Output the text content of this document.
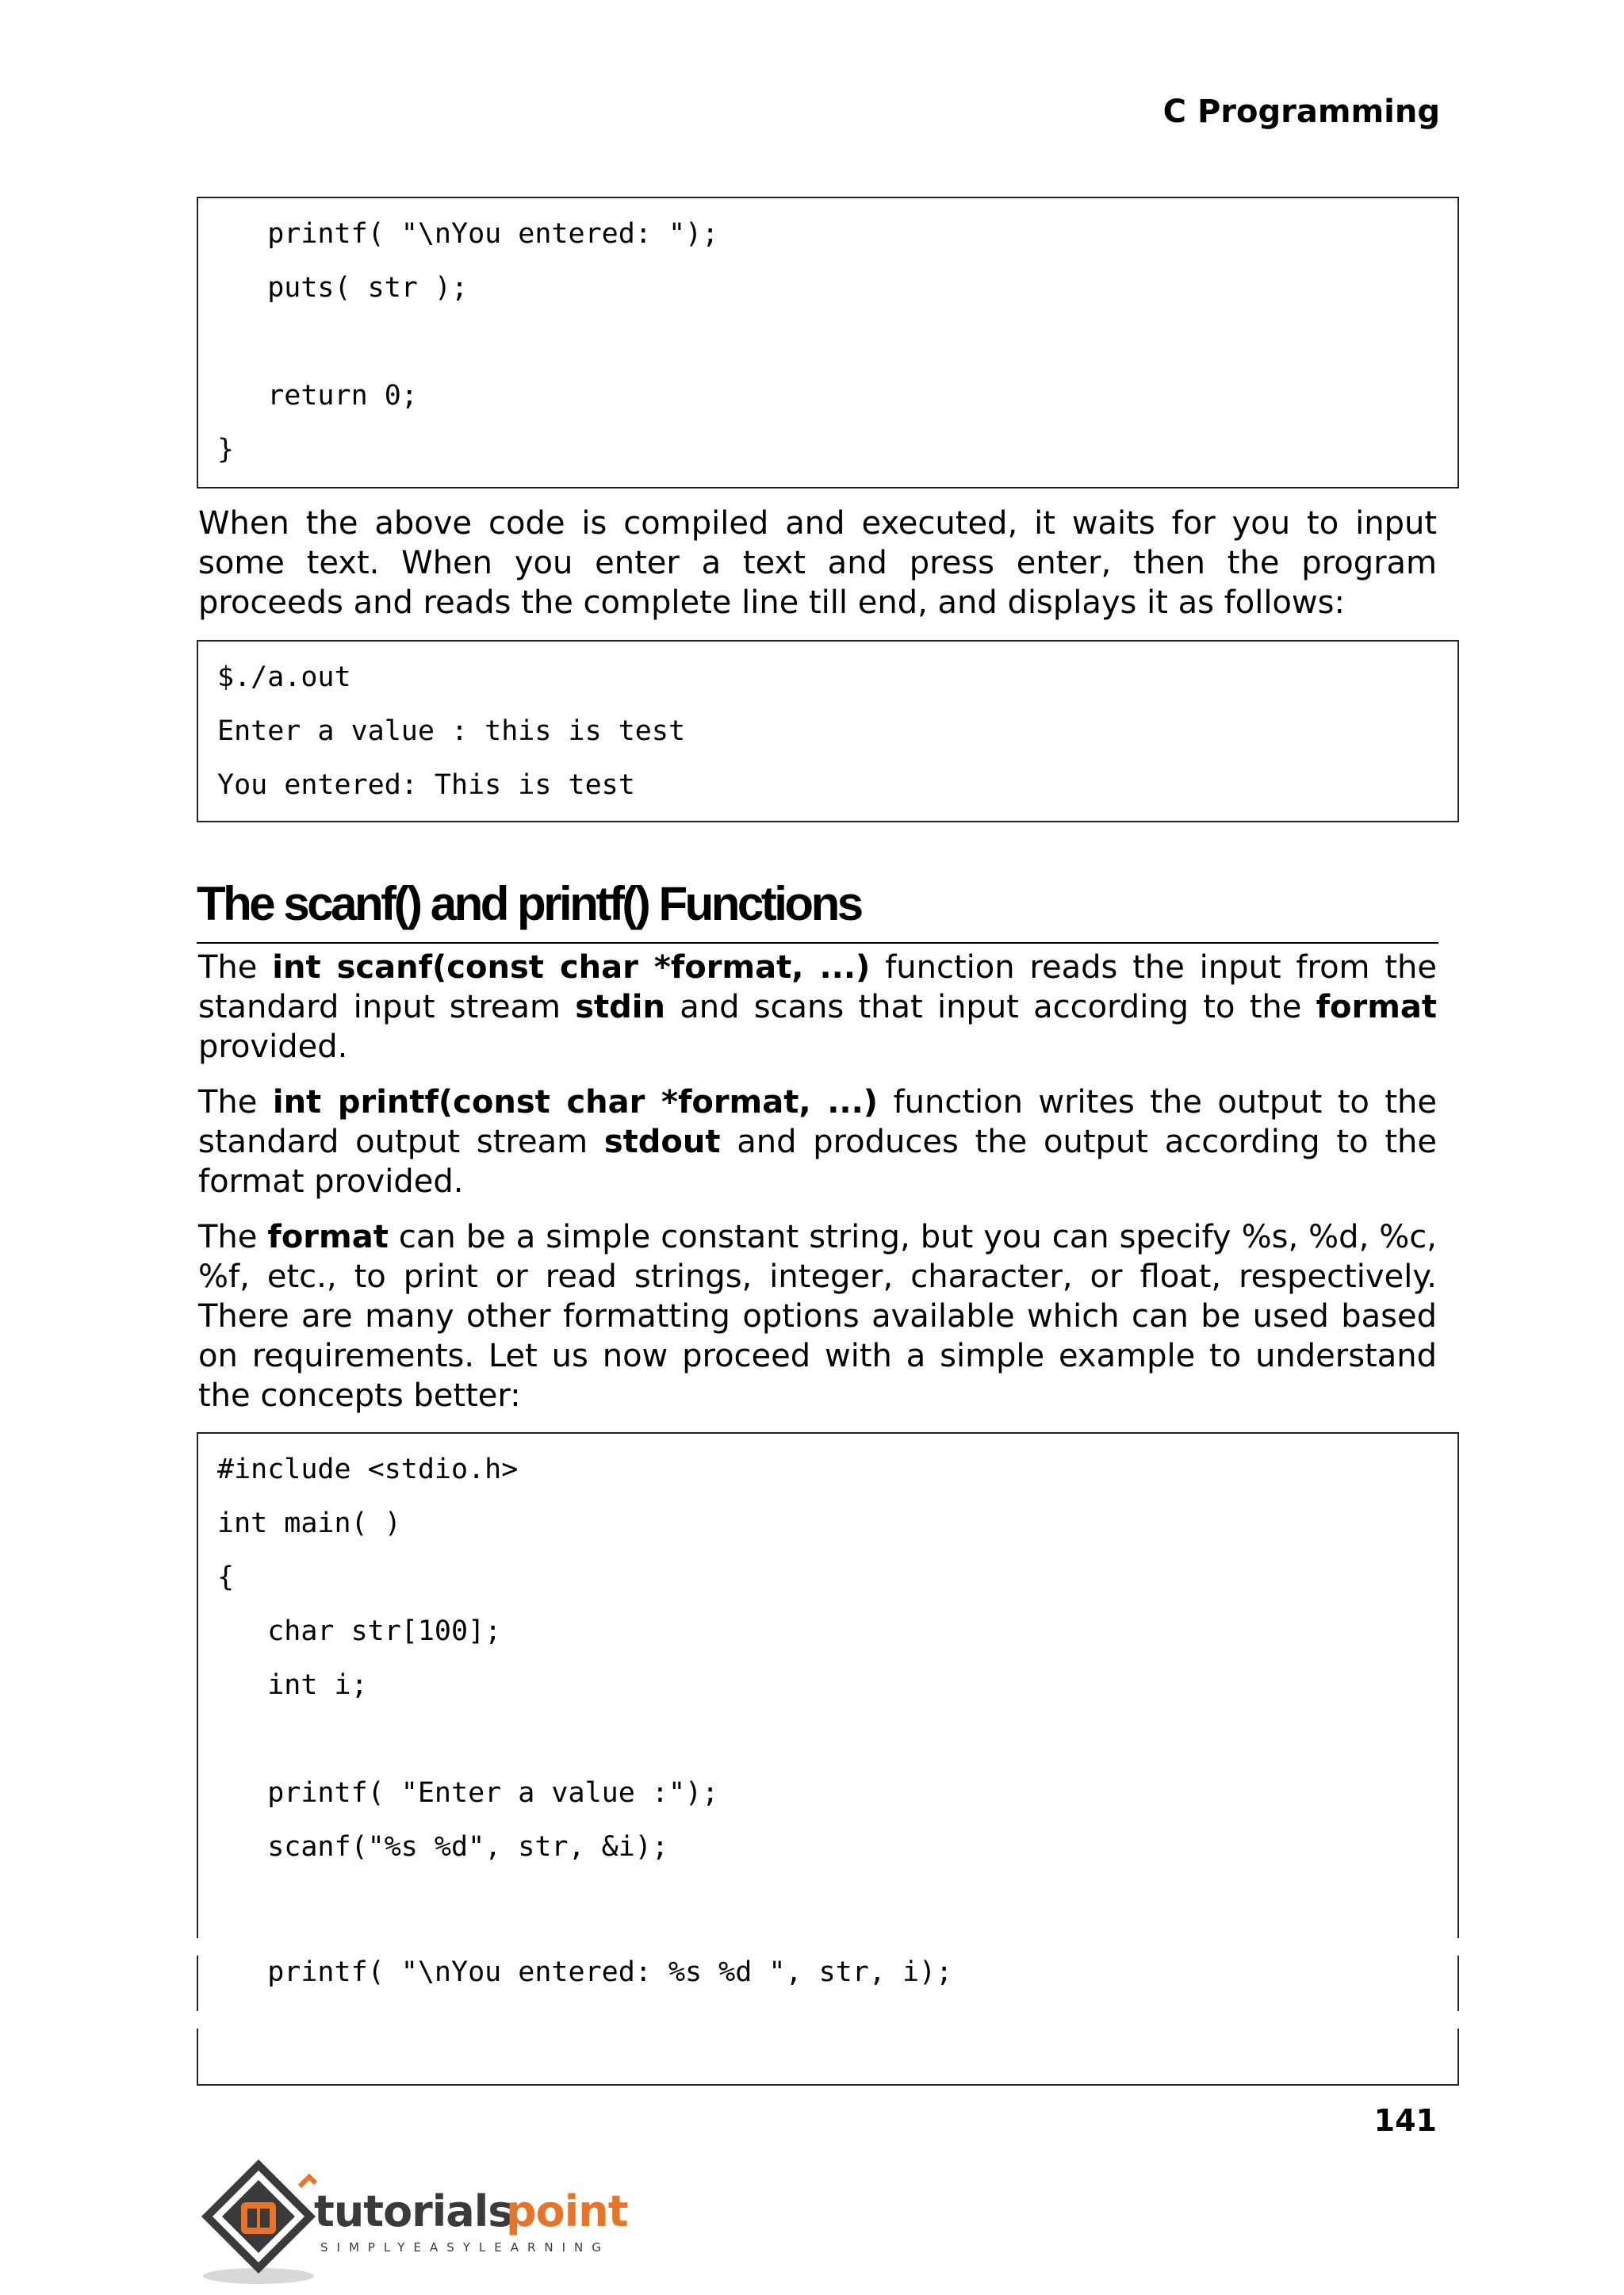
C Programming
printf( "\nYou entered: ");
puts( str );
return 0;
}
When the above code is compiled and executed, it waits for you to input some text. When you enter a text and press enter, then the program proceeds and reads the complete line till end, and displays it as follows:
$./a.out
Enter a value : this is test
You entered: This is test
The scanf() and printf() Functions
The int scanf(const char *format, ...) function reads the input from the standard input stream stdin and scans that input according to the format provided.
The int printf(const char *format, ...) function writes the output to the standard output stream stdout and produces the output according to the format provided.
The format can be a simple constant string, but you can specify %s, %d, %c, %f, etc., to print or read strings, integer, character, or float, respectively. There are many other formatting options available which can be used based on requirements. Let us now proceed with a simple example to understand the concepts better:
#include <stdio.h>
int main( )
{
char str[100];
int i;
printf( "Enter a value :");
scanf("%s %d", str, &i);
printf( "\nYou entered: %s %d ", str, i);
141
tutorials
point
SIMPLYEASYLEARNING
